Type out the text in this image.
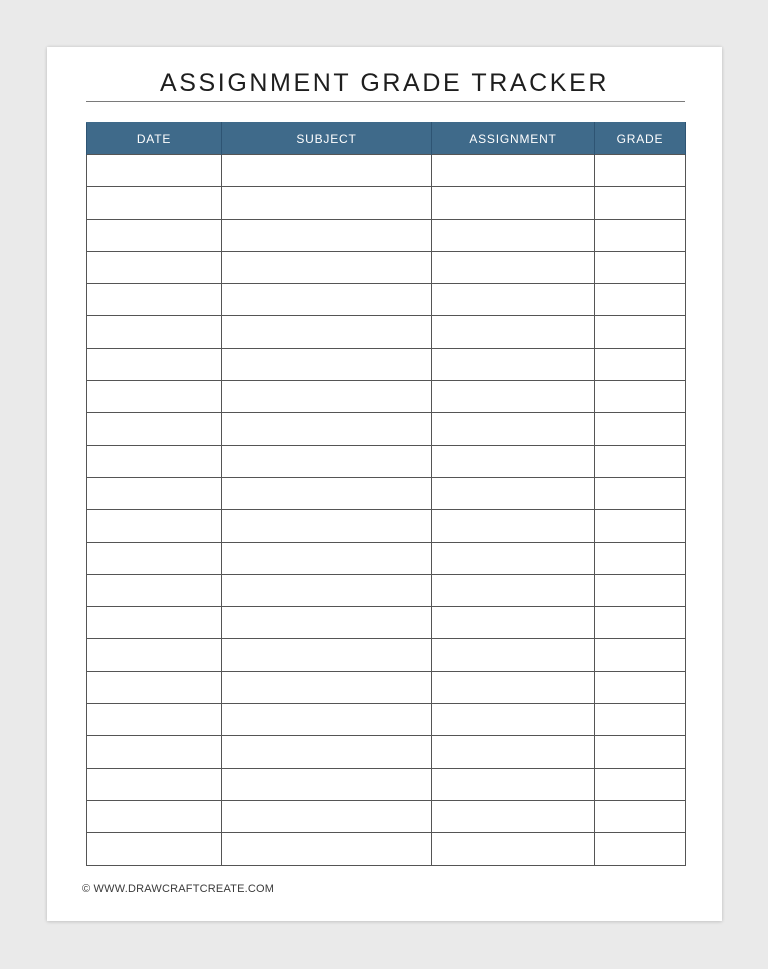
ASSIGNMENT GRADE TRACKER
DATE	SUBJECT	ASSIGNMENT	GRADE

© WWW.DRAWCRAFTCREATE.COM
